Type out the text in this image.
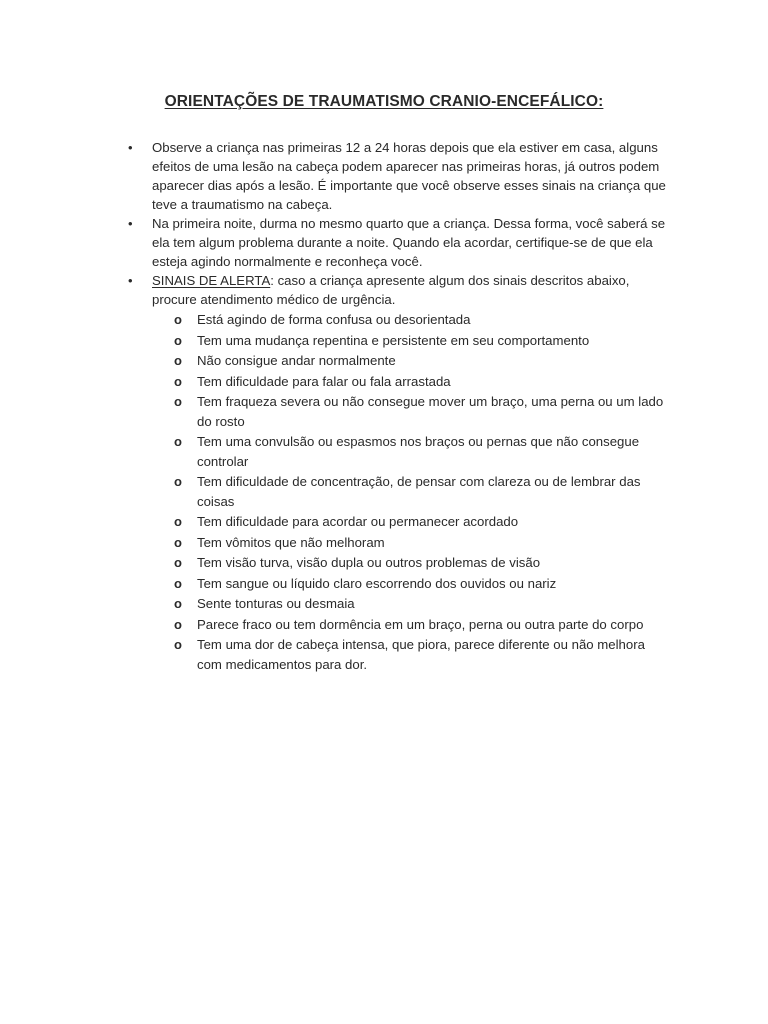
ORIENTAÇÕES DE TRAUMATISMO CRANIO-ENCEFÁLICO:
•	Observe a criança nas primeiras 12 a 24 horas depois que ela estiver em casa, alguns efeitos de uma lesão na cabeça podem aparecer nas primeiras horas, já outros podem aparecer dias após a lesão. É importante que você observe esses sinais na criança que teve a traumatismo na cabeça.
•	Na primeira noite, durma no mesmo quarto que a criança. Dessa forma, você saberá se ela tem algum problema durante a noite. Quando ela acordar, certifique-se de que ela esteja agindo normalmente e reconheça você.
•	SINAIS DE ALERTA: caso a criança apresente algum dos sinais descritos abaixo, procure atendimento médico de urgência.
o Está agindo de forma confusa ou desorientada
o Tem uma mudança repentina e persistente em seu comportamento
o Não consigue andar normalmente
o Tem dificuldade para falar ou fala arrastada
o Tem fraqueza severa ou não consegue mover um braço, uma perna ou um lado do rosto
o Tem uma convulsão ou espasmos nos braços ou pernas que não consegue controlar
o Tem dificuldade de concentração, de pensar com clareza ou de lembrar das coisas
o Tem dificuldade para acordar ou permanecer acordado
o Tem vômitos que não melhoram
o Tem visão turva, visão dupla ou outros problemas de visão
o Tem sangue ou líquido claro escorrendo dos ouvidos ou nariz
o Sente tonturas ou desmaia
o Parece fraco ou tem dormência em um braço, perna ou outra parte do corpo
o Tem uma dor de cabeça intensa, que piora, parece diferente ou não melhora com medicamentos para dor.
